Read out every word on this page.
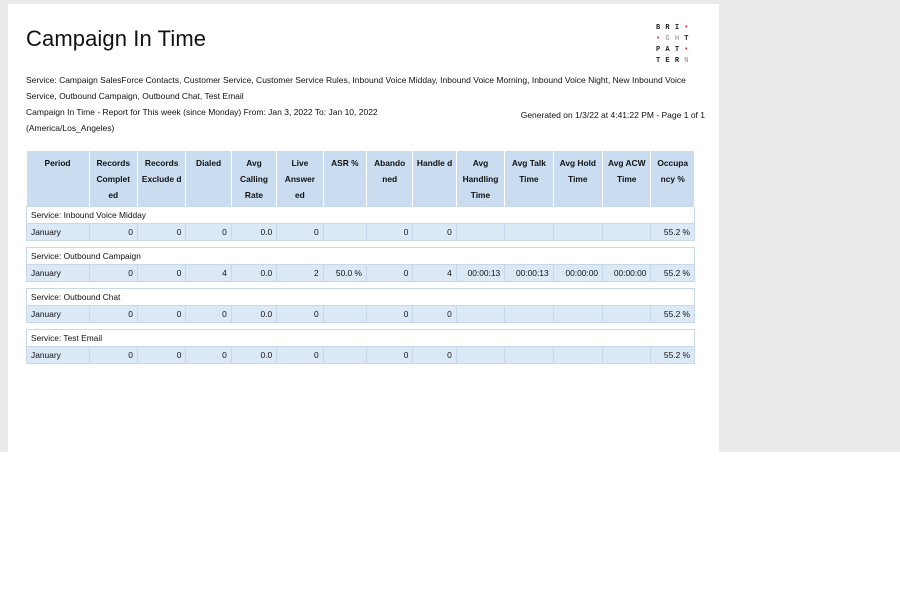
Campaign In Time	BRI•
•GHT
PAT•
TERN
Service: Campaign SalesForce Contacts, Customer Service, Customer Service Rules, Inbound Voice Midday, Inbound Voice Morning, Inbound Voice Night, New Inbound Voice Service, Outbound Campaign, Outbound Chat, Test Email
Campaign In Time - Report for This week (since Monday) From: Jan 3, 2022 To: Jan 10, 2022 (America/Los_Angeles)
Generated on 1/3/22 at 4:41:22 PM - Page 1 of 1
Period	Records Complet ed	Records Exclude d	Dialed	Avg Calling Rate	Live Answer ed	ASR %	Abando ned	Handle d	Avg Handling Time	Avg Talk Time	Avg Hold Time	Avg ACW Time	Occupa ncy %
Service: Inbound Voice Midday													
January	0	0	0	0.0	0		0	0					55.2 %

Service: Outbound Campaign													
January	0	0	4	0.0	2	50.0 %	0	4	00:00:13	00:00:13	00:00:00	00:00:00	55.2 %

Service: Outbound Chat													
January	0	0	0	0.0	0		0	0					55.2 %

Service: Test Email													
January	0	0	0	0.0	0		0	0					55.2 %
